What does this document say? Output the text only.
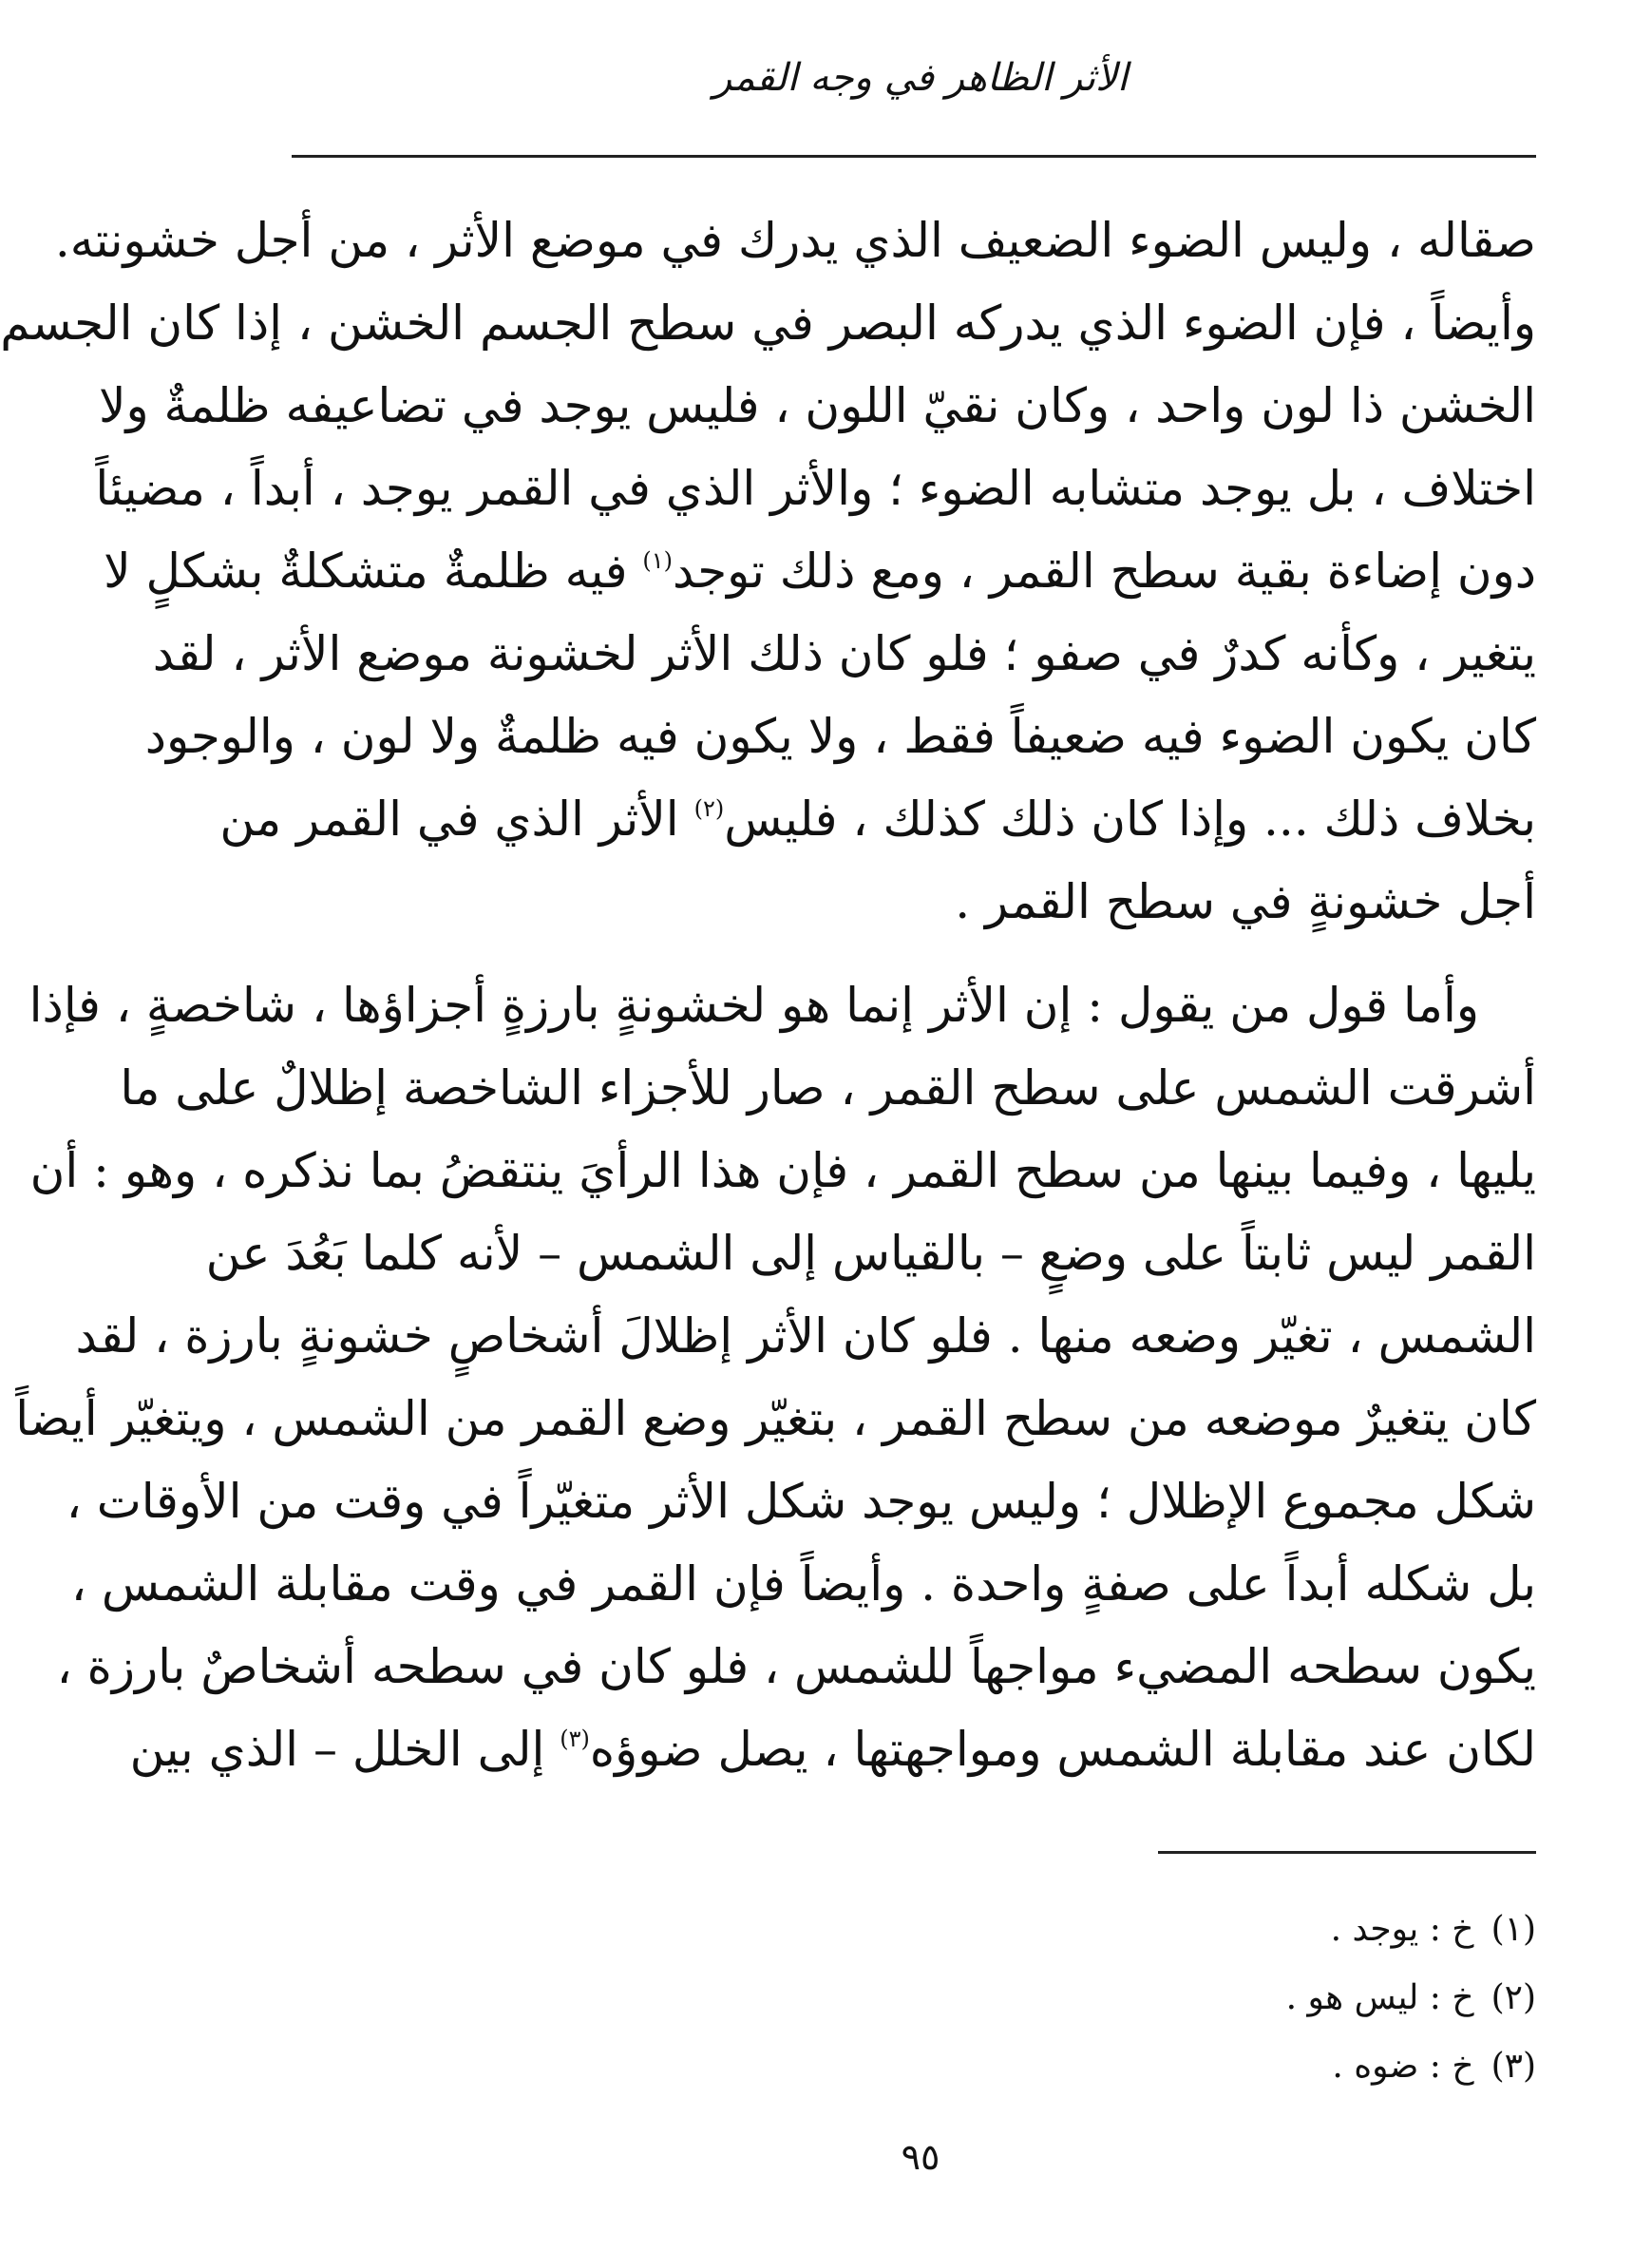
الأثر الظاهر في وجه القمر
صقاله ، وليس الضوء الضعيف الذي يدرك في موضع الأثر ، من أجل خشونته.
وأيضاً ، فإن الضوء الذي يدركه البصر في سطح الجسم الخشن ، إذا كان الجسم
الخشن ذا لون واحد ، وكان نقيّ اللون ، فليس يوجد في تضاعيفه ظلمةٌ ولا
اختلاف ، بل يوجد متشابه الضوء ؛ والأثر الذي في القمر يوجد ، أبداً ، مضيئاً
دون إضاءة بقية سطح القمر ، ومع ذلك توجد$^{(١)}$ فيه ظلمةٌ متشكلةٌ بشكلٍ لا
يتغير ، وكأنه كدرٌ في صفو ؛ فلو كان ذلك الأثر لخشونة موضع الأثر ، لقد
كان يكون الضوء فيه ضعيفاً فقط ، ولا يكون فيه ظلمةٌ ولا لون ، والوجود
بخلاف ذلك ... وإذا كان ذلك كذلك ، فليس$^{(٢)}$ الأثر الذي في القمر من
أجل خشونةٍ في سطح القمر .
وأما قول من يقول : إن الأثر إنما هو لخشونةٍ بارزةٍ أجزاؤها ، شاخصةٍ ، فإذا
أشرقت الشمس على سطح القمر ، صار للأجزاء الشاخصة إظلالٌ على ما
يليها ، وفيما بينها من سطح القمر ، فإن هذا الرأيَ ينتقضُ بما نذكره ، وهو : أن
القمر ليس ثابتاً على وضعٍ – بالقياس إلى الشمس – لأنه كلما بَعُدَ عن
الشمس ، تغيّر وضعه منها . فلو كان الأثر إظلالَ أشخاصٍ خشونةٍ بارزة ، لقد
كان يتغيرٌ موضعه من سطح القمر ، بتغيّر وضع القمر من الشمس ، ويتغيّر أيضاً
شكل مجموع الإظلال ؛ وليس يوجد شكل الأثر متغيّراً في وقت من الأوقات ،
بل شكله أبداً على صفةٍ واحدة . وأيضاً فإن القمر في وقت مقابلة الشمس ،
يكون سطحه المضيء مواجهاً للشمس ، فلو كان في سطحه أشخاصٌ بارزة ،
لكان عند مقابلة الشمس ومواجهتها ، يصل ضوؤه$^{(٣)}$ إلى الخلل – الذي بين
(١)خ : يوجد .
(٢)خ : ليس هو .
(٣)خ : ضوه .
٩٥
